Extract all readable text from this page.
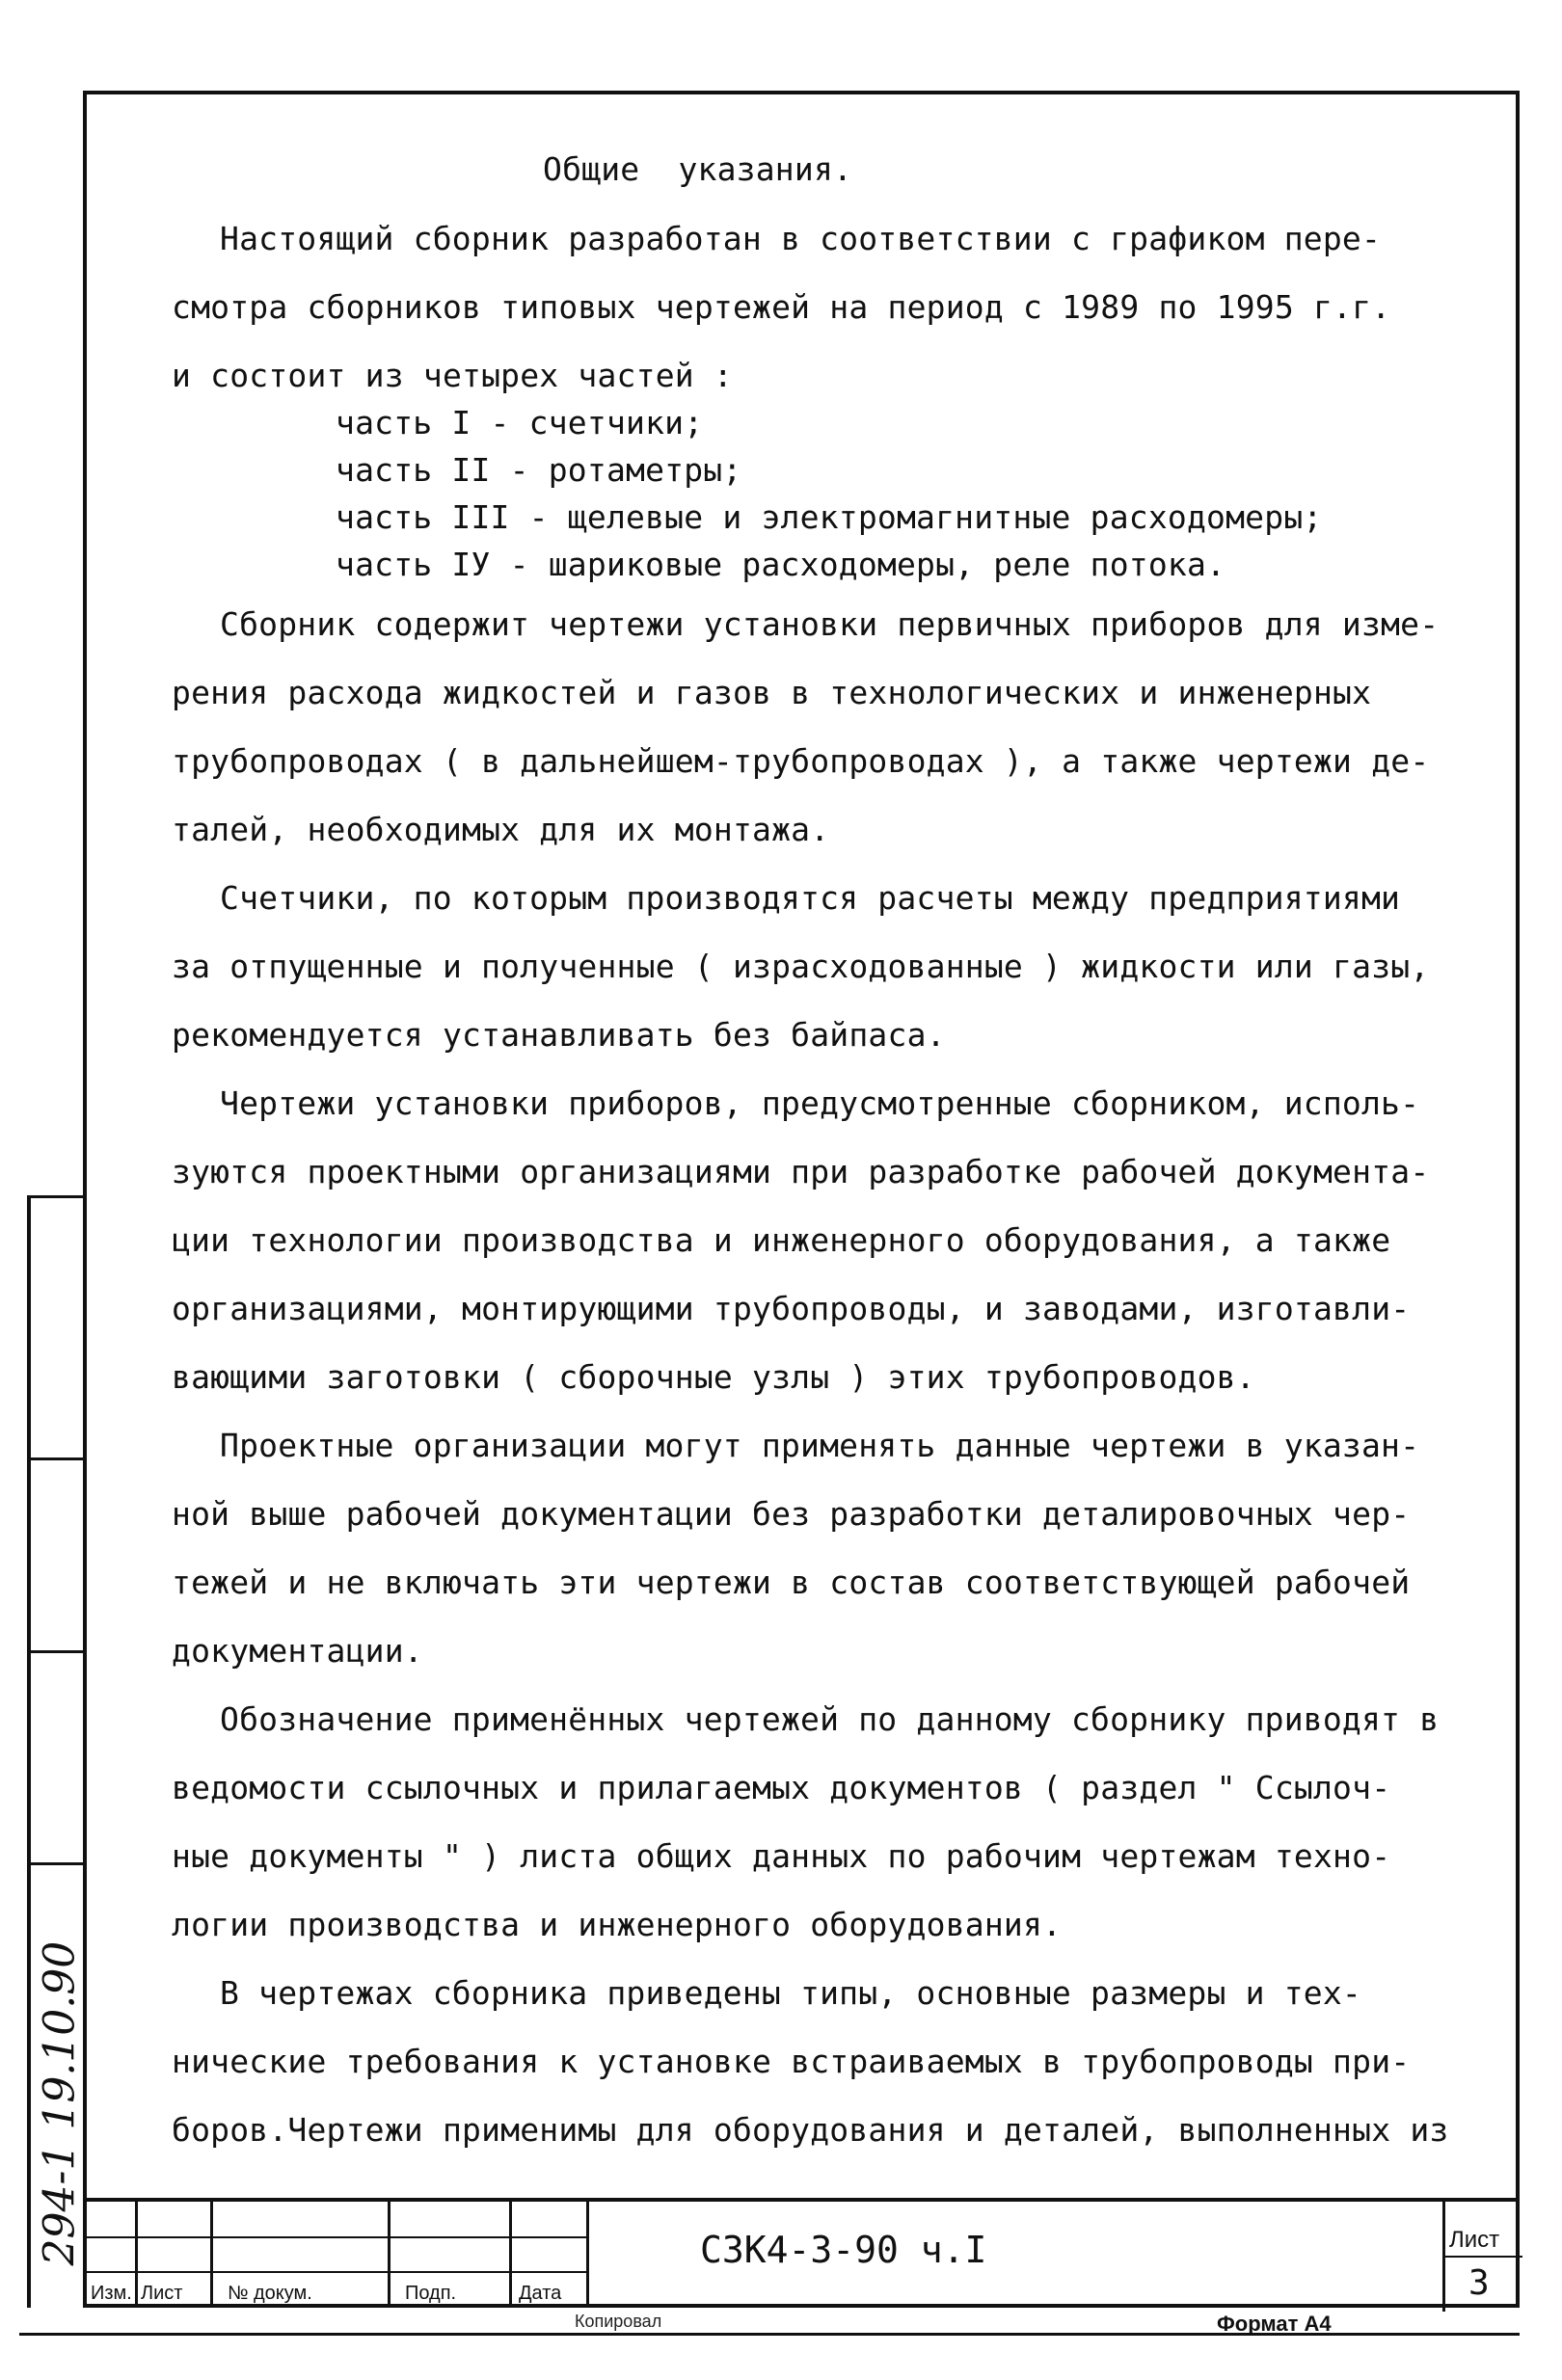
294-1 19.10.90
Общие  указания.
Настоящий сборник разработан в соответствии с графиком пере-
смотра сборников типовых чертежей на период с 1989 по 1995 г.г.
и состоит из четырех частей :
часть I - счетчики;
часть II - ротаметры;
часть III - щелевые и электромагнитные расходомеры;
часть IУ - шариковые расходомеры, реле потока.
Сборник содержит чертежи установки первичных приборов для изме-
рения расхода жидкостей и газов в технологических и инженерных
трубопроводах ( в дальнейшем-трубопроводах ), а также чертежи де-
талей, необходимых для их монтажа.
Счетчики, по которым производятся расчеты между предприятиями
за отпущенные и полученные ( израсходованные ) жидкости или газы,
рекомендуется устанавливать без байпаса.
Чертежи установки приборов, предусмотренные сборником, исполь-
зуются проектными организациями при разработке рабочей документа-
ции технологии производства и инженерного оборудования, а также
организациями, монтирующими трубопроводы, и заводами, изготавли-
вающими заготовки ( сборочные узлы ) этих трубопроводов.
Проектные организации могут применять данные чертежи в указан-
ной выше рабочей документации без разработки деталировочных чер-
тежей и не включать эти чертежи в состав соответствующей рабочей
документации.
Обозначение применённых чертежей по данному сборнику приводят в
ведомости ссылочных и прилагаемых документов ( раздел " Ссылоч-
ные документы " ) листа общих данных по рабочим чертежам техно-
логии производства и инженерного оборудования.
В чертежах сборника приведены типы, основные размеры и тех-
нические требования к установке встраиваемых в трубопроводы при-
боров.Чертежи применимы для оборудования и деталей, выполненных из
Изм. Лист № докум.	Подп.	Дата
СЗК4-3-90 ч.I	Лист
3
Копировал	Формат А4
